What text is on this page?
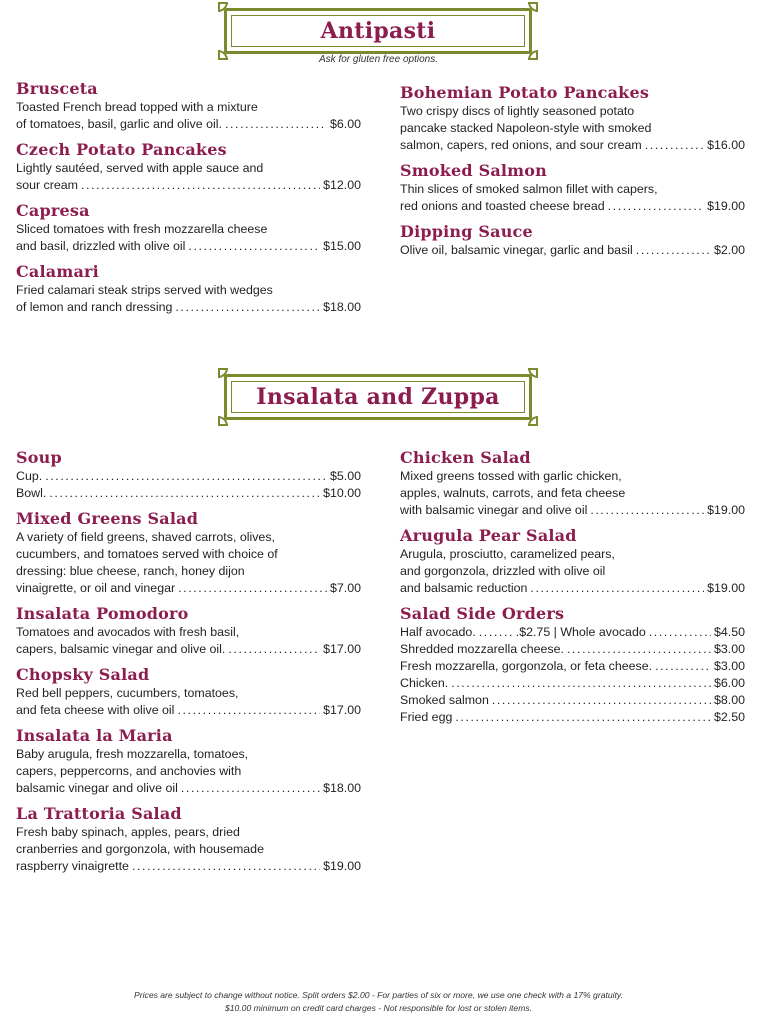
Antipasti
Ask for gluten free options.
Brusceta
Toasted French bread topped with a mixture
of tomatoes, basil, garlic and olive oil. .....	$6.00
Czech Potato Pancakes
Lightly sautéed, served with apple sauce and
sour cream .....	$12.00
Capresa
Sliced tomatoes with fresh mozzarella cheese
and basil, drizzled with olive oil .....	$15.00
Calamari
Fried calamari steak strips served with wedges
of lemon and ranch dressing .....	$18.00
Bohemian Potato Pancakes
Two crispy discs of lightly seasoned potato
pancake stacked Napoleon-style with smoked
salmon, capers, red onions, and sour cream .....	$16.00
Smoked Salmon
Thin slices of smoked salmon fillet with capers,
red onions and toasted cheese bread .....	$19.00
Dipping Sauce
Olive oil, balsamic vinegar, garlic and basil .....	$2.00
Insalata and Zuppa
Soup
Cup. .....	$5.00
Bowl. .....	$10.00
Mixed Greens Salad
A variety of field greens, shaved carrots, olives,
cucumbers, and tomatoes served with choice of
dressing: blue cheese, ranch, honey dijon
vinaigrette, or oil and vinegar .....	$7.00
Insalata Pomodoro
Tomatoes and avocados with fresh basil,
capers, balsamic vinegar and olive oil. .....	$17.00
Chopsky Salad
Red bell peppers, cucumbers, tomatoes,
and feta cheese with olive oil .....	$17.00
Insalata la Maria
Baby arugula, fresh mozzarella, tomatoes,
capers, peppercorns, and anchovies with
balsamic vinegar and olive oil .....	$18.00
La Trattoria Salad
Fresh baby spinach, apples, pears, dried
cranberries and gorgonzola, with housemade
raspberry vinaigrette .....	$19.00
Chicken Salad
Mixed greens tossed with garlic chicken,
apples, walnuts, carrots, and feta cheese
with balsamic vinegar and olive oil .....	$19.00
Arugula Pear Salad
Arugula, prosciutto, caramelized pears,
and gorgonzola, drizzled with olive oil
and balsamic reduction .....	$19.00
Salad Side Orders
Half avocado. .....	.$2.75 | Whole avocado .....	$4.50
Shredded mozzarella cheese. .....	$3.00
Fresh mozzarella, gorgonzola, or feta cheese. .....	$3.00
Chicken. .....	$6.00
Smoked salmon .....	$8.00
Fried egg .....	$2.50
Prices are subject to change without notice. Split orders $2.00 - For parties of six or more, we use one check with a 17% gratuity.
$10.00 minimum on credit card charges - Not responsible for lost or stolen items.
